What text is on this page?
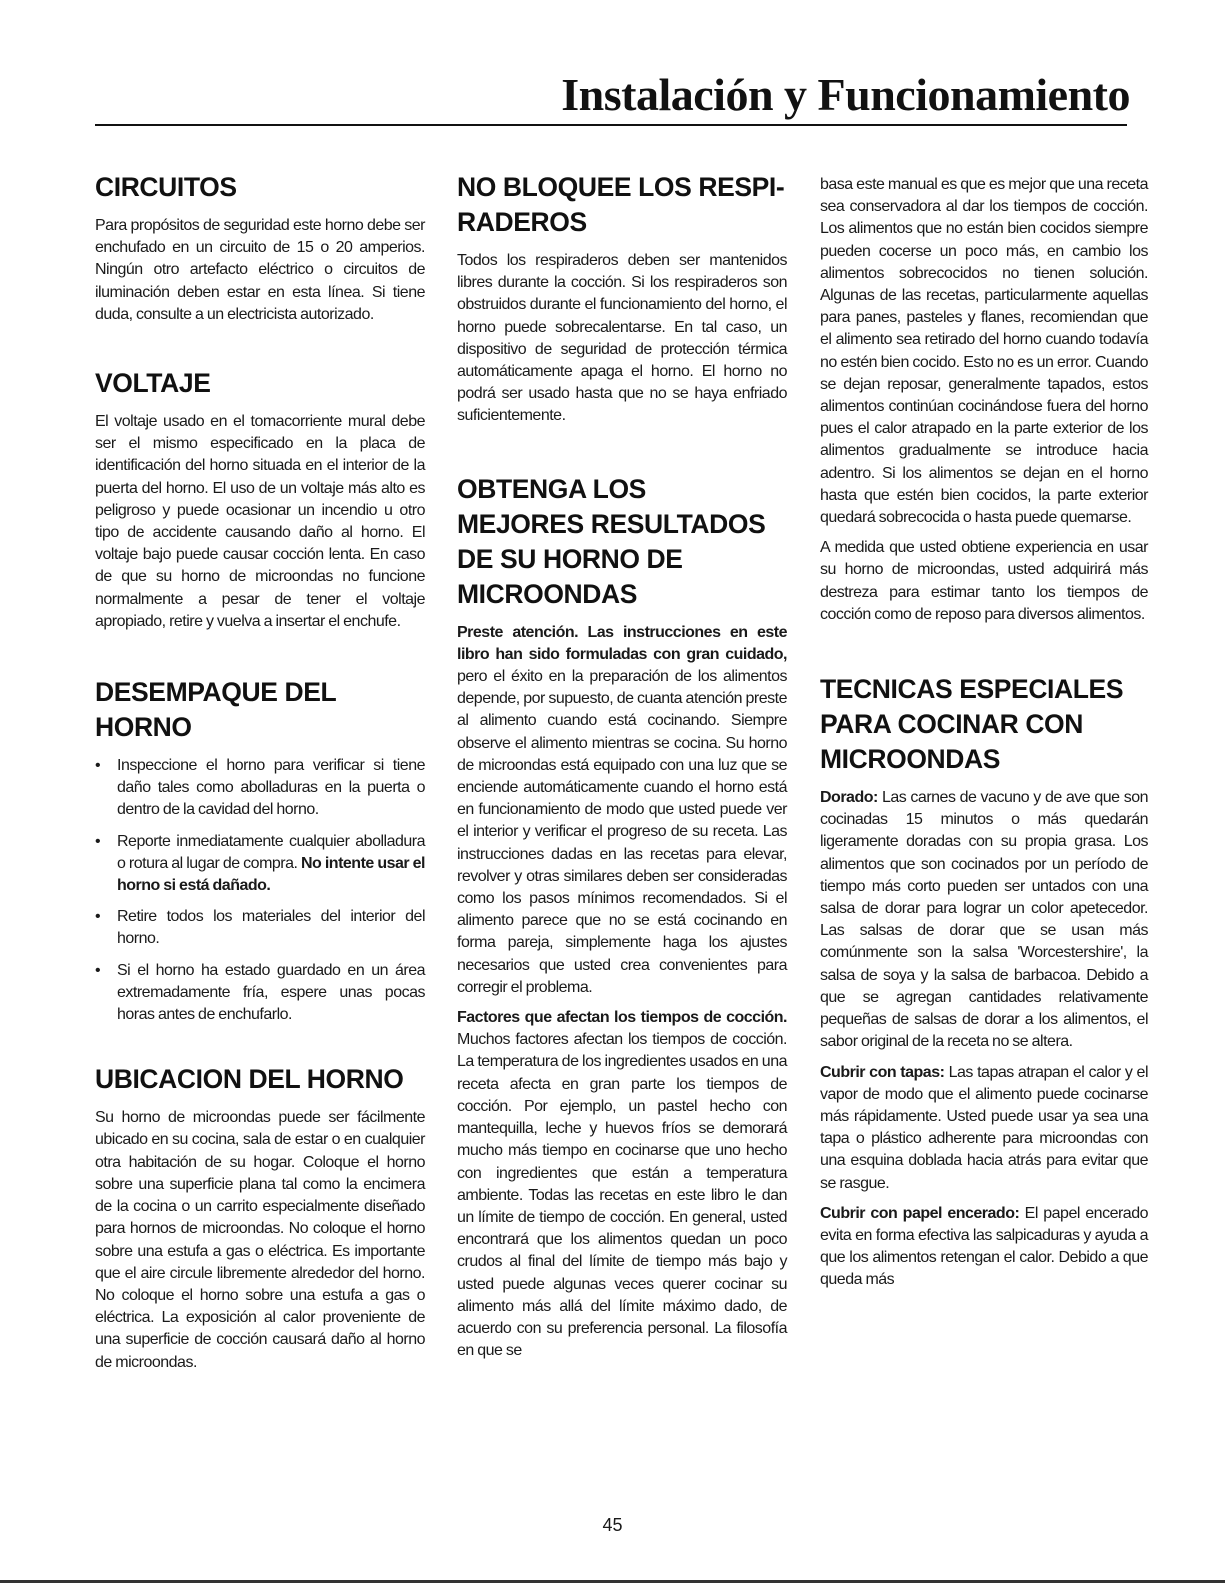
Instalación y Funcionamiento
CIRCUITOS

Para propósitos de seguridad este horno debe ser enchufado en un circuito de 15 o 20 amperios. Ningún otro artefacto eléctrico o circuitos de iluminación deben estar en esta línea. Si tiene duda, consulte a un electricista autorizado.

VOLTAJE

El voltaje usado en el tomacorriente mural debe ser el mismo especificado en la placa de identificación del horno situada en el interior de la puerta del horno. El uso de un voltaje más alto es peligroso y puede ocasionar un incendio u otro tipo de accidente causando daño al horno. El voltaje bajo puede causar cocción lenta. En caso de que su horno de microondas no funcione normalmente a pesar de tener el voltaje apropiado, retire y vuelva a insertar el enchufe.

DESEMPAQUE DEL
HORNO
• Inspeccione el horno para verificar si tiene daño tales como abolladuras en la puerta o dentro de la cavidad del horno.
• Reporte inmediatamente cualquier abolladura o rotura al lugar de compra. No intente usar el horno si está dañado.
• Retire todos los materiales del interior del horno.
• Si el horno ha estado guardado en un área extremadamente fría, espere unas pocas horas antes de enchufarlo.
UBICACION DEL HORNO

Su horno de microondas puede ser fácilmente ubicado en su cocina, sala de estar o en cualquier otra habitación de su hogar. Coloque el horno sobre una superficie plana tal como la encimera de la cocina o un carrito especialmente diseñado para hornos de microondas. No coloque el horno sobre una estufa a gas o eléctrica. Es importante que el aire circule libremente alrededor del horno. No coloque el horno sobre una estufa a gas o eléctrica. La exposición al calor proveniente de una superficie de cocción causará daño al horno de microondas.

NO BLOQUEE LOS RESPI-
RADEROS

Todos los respiraderos deben ser mantenidos libres durante la cocción. Si los respiraderos son obstruidos durante el funcionamiento del horno, el horno puede sobrecalentarse. En tal caso, un dispositivo de seguridad de protección térmica automáticamente apaga el horno. El horno no podrá ser usado hasta que no se haya enfriado suficientemente.

OBTENGA LOS
MEJORES RESULTADOS
DE SU HORNO DE
MICROONDAS

Preste atención. Las instrucciones en este libro han sido formuladas con gran cuidado, pero el éxito en la preparación de los alimentos depende, por supuesto, de cuanta atención preste al alimento cuando está cocinando. Siempre observe el alimento mientras se cocina. Su horno de microondas está equipado con una luz que se enciende automáticamente cuando el horno está en funcionamiento de modo que usted puede ver el interior y verificar el progreso de su receta. Las instrucciones dadas en las recetas para elevar, revolver y otras similares deben ser consideradas como los pasos mínimos recomendados. Si el alimento parece que no se está cocinando en forma pareja, simplemente haga los ajustes necesarios que usted crea convenientes para corregir el problema.

Factores que afectan los tiempos de cocción. Muchos factores afectan los tiempos de cocción. La temperatura de los ingredientes usados en una receta afecta en gran parte los tiempos de cocción. Por ejemplo, un pastel hecho con mantequilla, leche y huevos fríos se demorará mucho más tiempo en cocinarse que uno hecho con ingredientes que están a temperatura ambiente. Todas las recetas en este libro le dan un límite de tiempo de cocción. En general, usted encontrará que los alimentos quedan un poco crudos al final del límite de tiempo más bajo y usted puede algunas veces querer cocinar su alimento más allá del límite máximo dado, de acuerdo con su preferencia personal. La filosofía en que se

basa este manual es que es mejor que una receta sea conservadora al dar los tiempos de cocción. Los alimentos que no están bien cocidos siempre pueden cocerse un poco más, en cambio los alimentos sobrecocidos no tienen solución. Algunas de las recetas, particularmente aquellas para panes, pasteles y flanes, recomiendan que el alimento sea retirado del horno cuando todavía no estén bien cocido. Esto no es un error. Cuando se dejan reposar, generalmente tapados, estos alimentos continúan cocinándose fuera del horno pues el calor atrapado en la parte exterior de los alimentos gradualmente se introduce hacia adentro. Si los alimentos se dejan en el horno hasta que estén bien cocidos, la parte exterior quedará sobrecocida o hasta puede quemarse.

A medida que usted obtiene experiencia en usar su horno de microondas, usted adquirirá más destreza para estimar tanto los tiempos de cocción como de reposo para diversos alimentos.

TECNICAS ESPECIALES
PARA COCINAR CON
MICROONDAS

Dorado: Las carnes de vacuno y de ave que son cocinadas 15 minutos o más quedarán ligeramente doradas con su propia grasa. Los alimentos que son cocinados por un período de tiempo más corto pueden ser untados con una salsa de dorar para lograr un color apetecedor. Las salsas de dorar que se usan más comúnmente son la salsa 'Worcestershire', la salsa de soya y la salsa de barbacoa. Debido a que se agregan cantidades relativamente pequeñas de salsas de dorar a los alimentos, el sabor original de la receta no se altera.

Cubrir con tapas: Las tapas atrapan el calor y el vapor de modo que el alimento puede cocinarse más rápidamente. Usted puede usar ya sea una tapa o plástico adherente para microondas con una esquina doblada hacia atrás para evitar que se rasgue.

Cubrir con papel encerado: El papel encerado evita en forma efectiva las salpicaduras y ayuda a que los alimentos retengan el calor. Debido a que queda más

45
